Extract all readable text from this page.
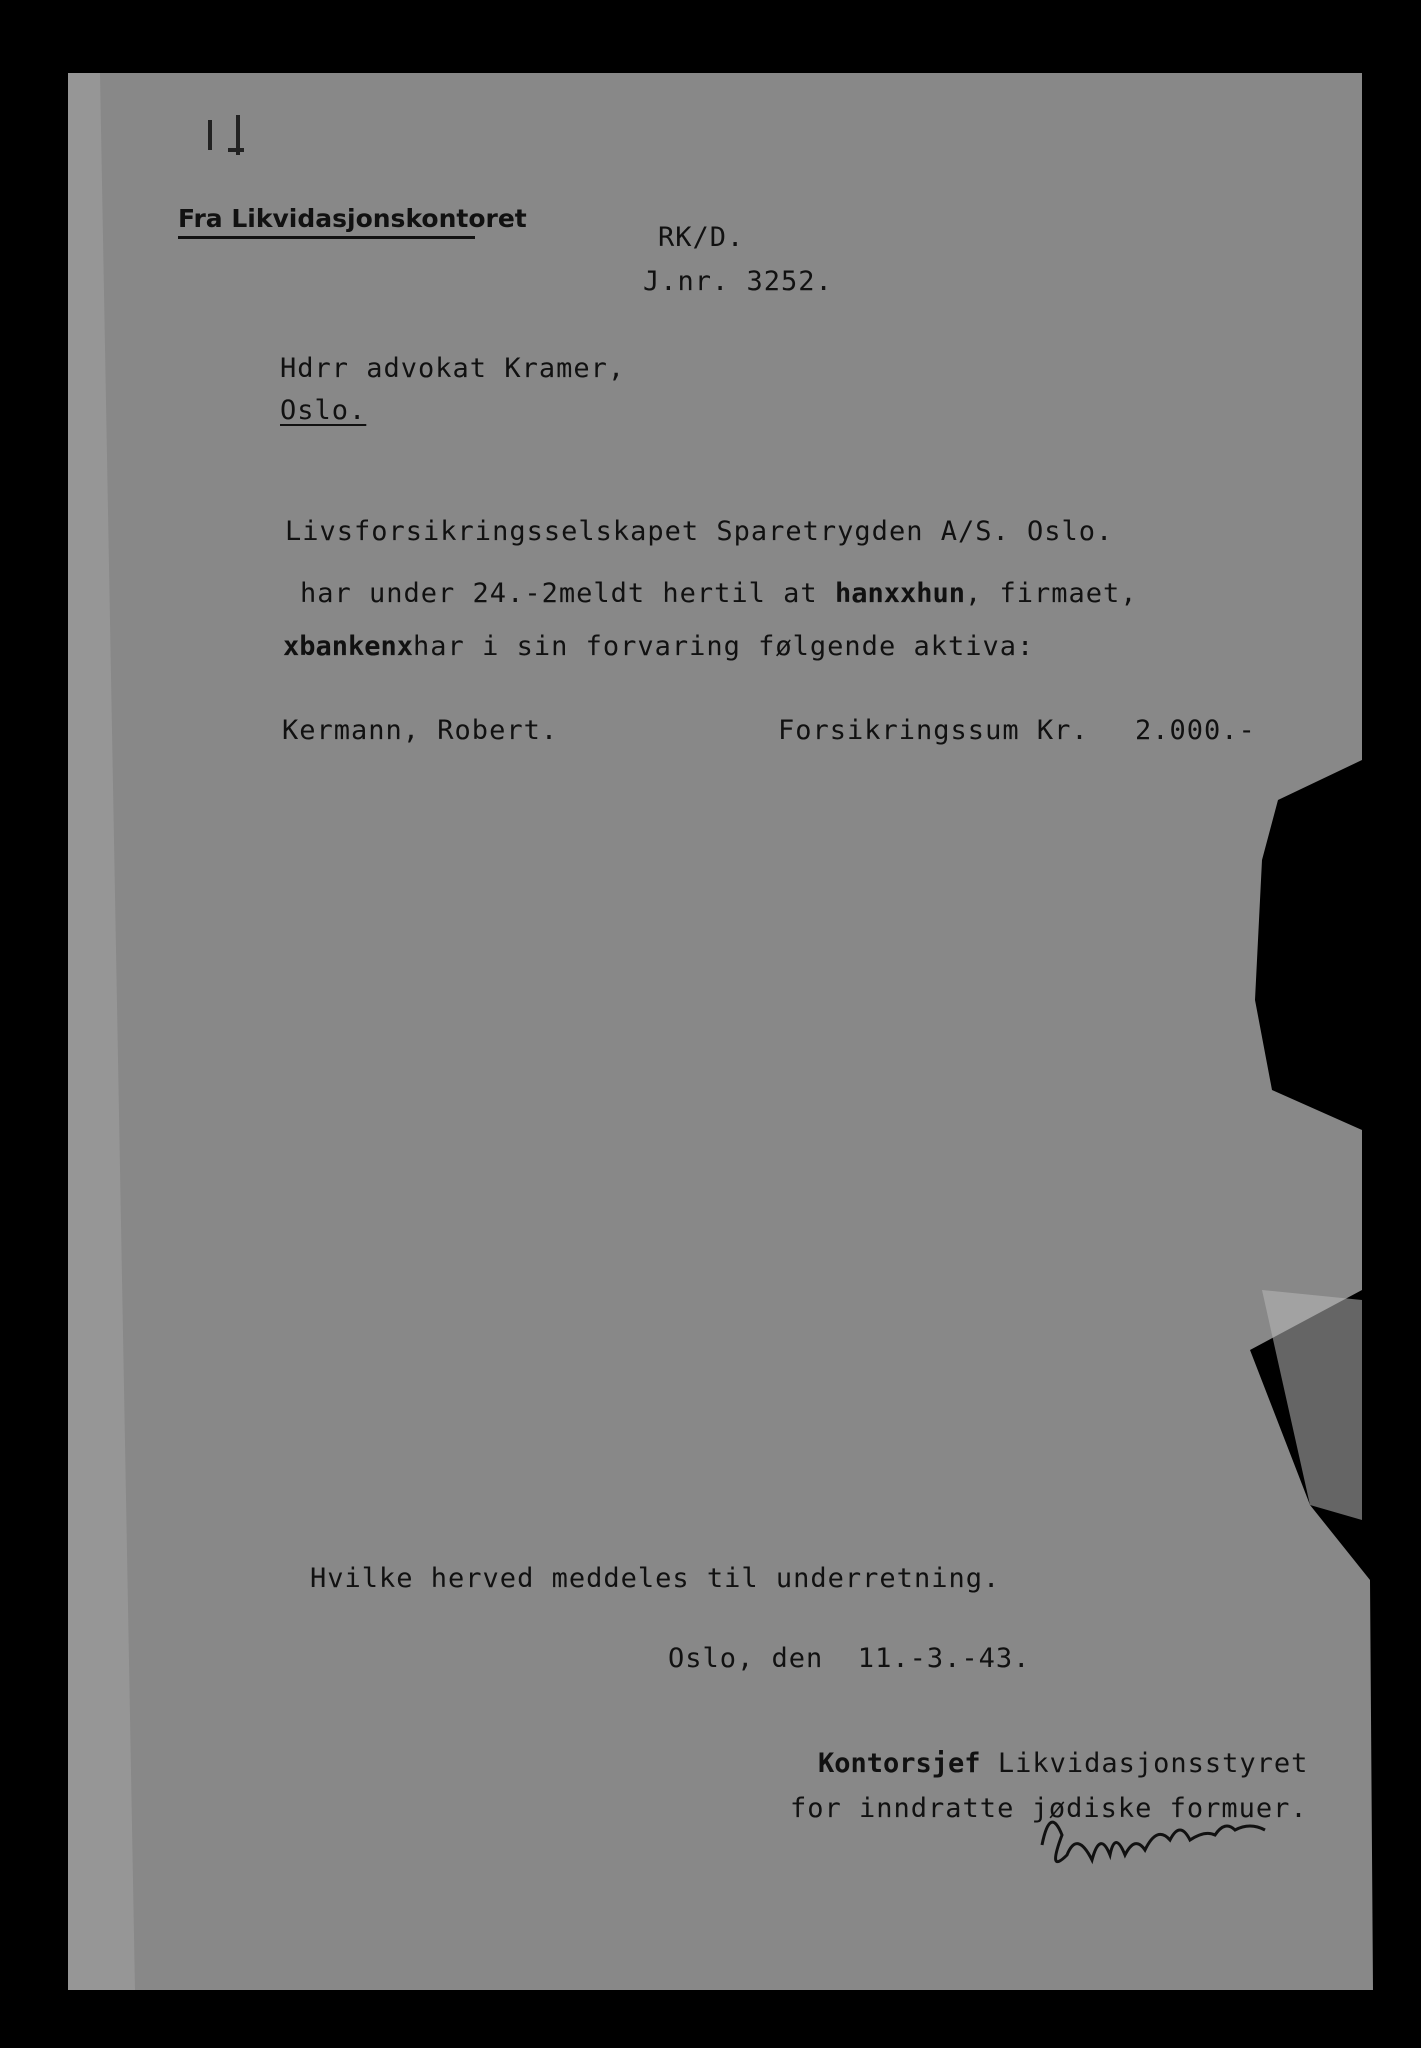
Fra Likvidasjonskontoret
RK/D.
J.nr. 3252.
Hdrr advokat Kramer,
Oslo.
Livsforsikringsselskapet Sparetrygden A/S. Oslo.
har under 24.-2meldt hertil at hanxxhun, firmaet,
xbankenxhar i sin forvaring følgende aktiva:
Kermann, Robert.	Forsikringssum Kr. 2.000.-
Hvilke herved meddeles til underretning.
Oslo, den  11.-3.-43.
Kontorsjef Likvidasjonsstyret
for inndratte jødiske formuer.
